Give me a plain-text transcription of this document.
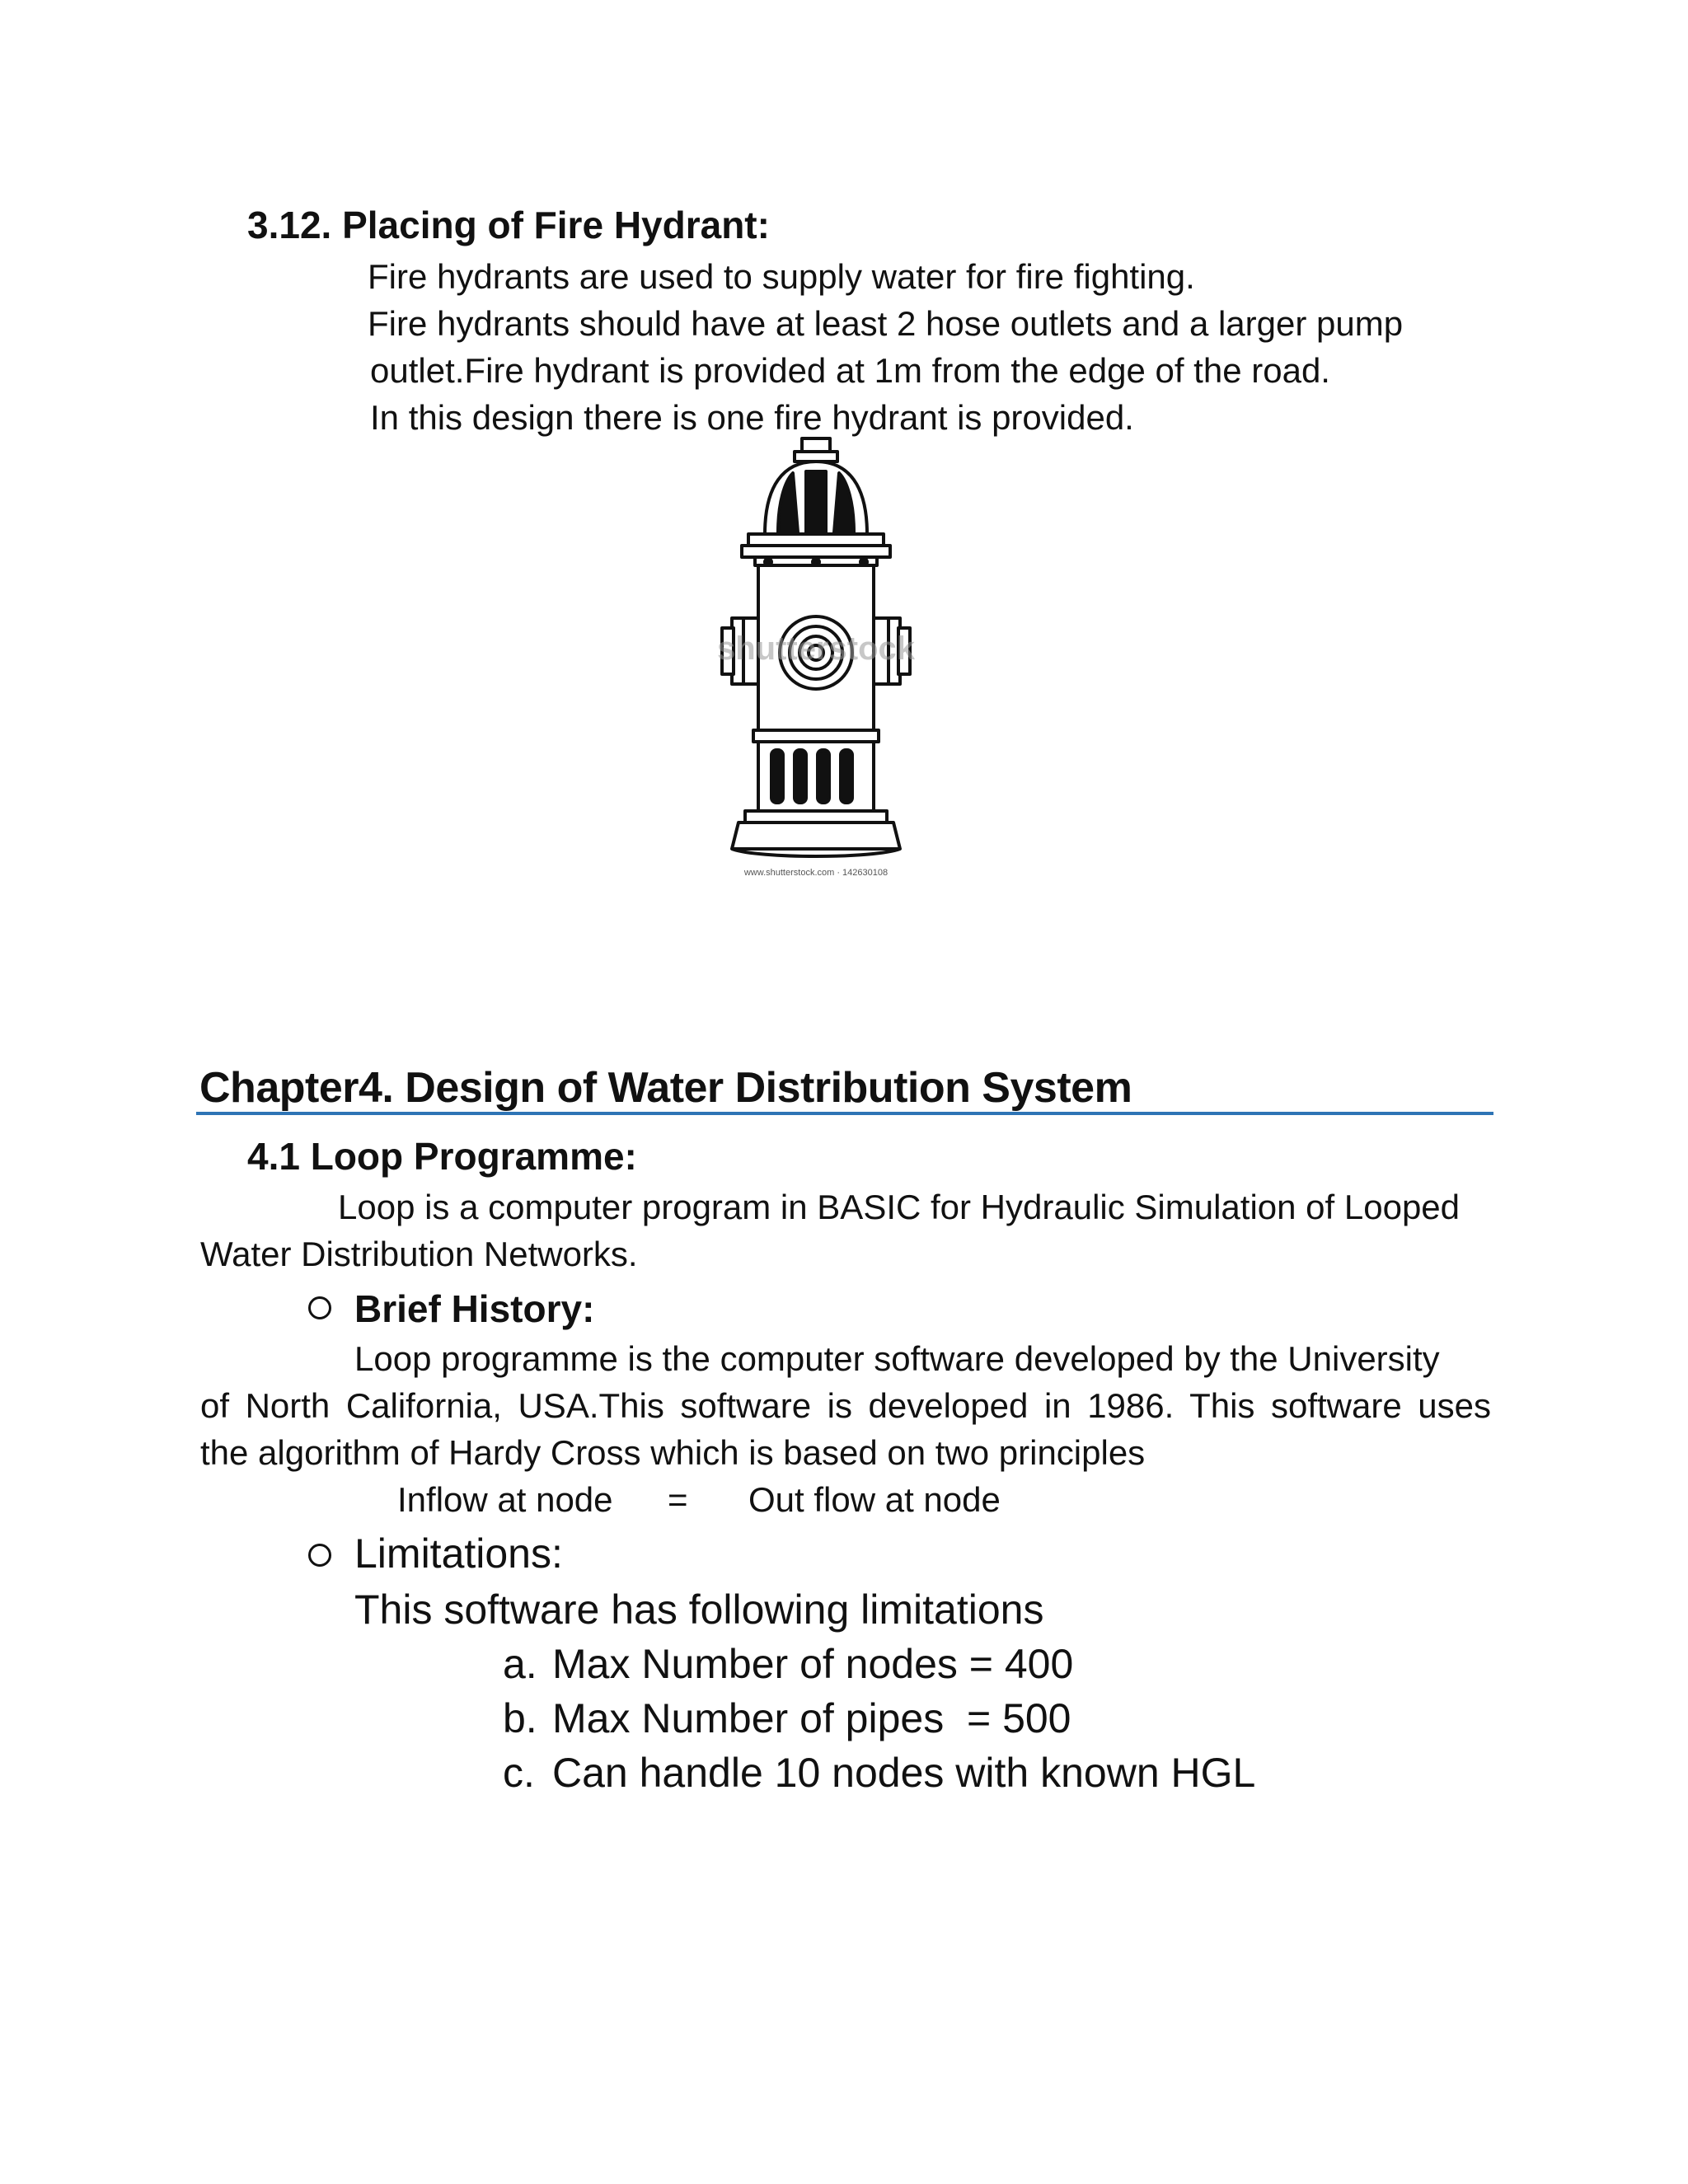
3.12. Placing of Fire Hydrant:
Fire hydrants are used to supply water for fire fighting.
Fire hydrants should have at least 2 hose outlets and a larger pump
outlet.Fire hydrant is provided at 1m from the edge of the road.
In this design there is one fire hydrant is provided.
shutterstock
www.shutterstock.com · 142630108
Chapter4. Design of Water Distribution System
4.1 Loop Programme:
Loop is a computer program in BASIC for Hydraulic Simulation of Looped
Water Distribution Networks.
Brief History:
Loop programme is the computer software developed by the University
of North California, USA.This software is developed in 1986. This software uses
the algorithm of Hardy Cross which is based on two principles
Inflow at node = Out flow at node
Limitations:
This software has following limitations
a. Max Number of nodes = 400
b. Max Number of pipes  = 500
c. Can handle 10 nodes with known HGL
